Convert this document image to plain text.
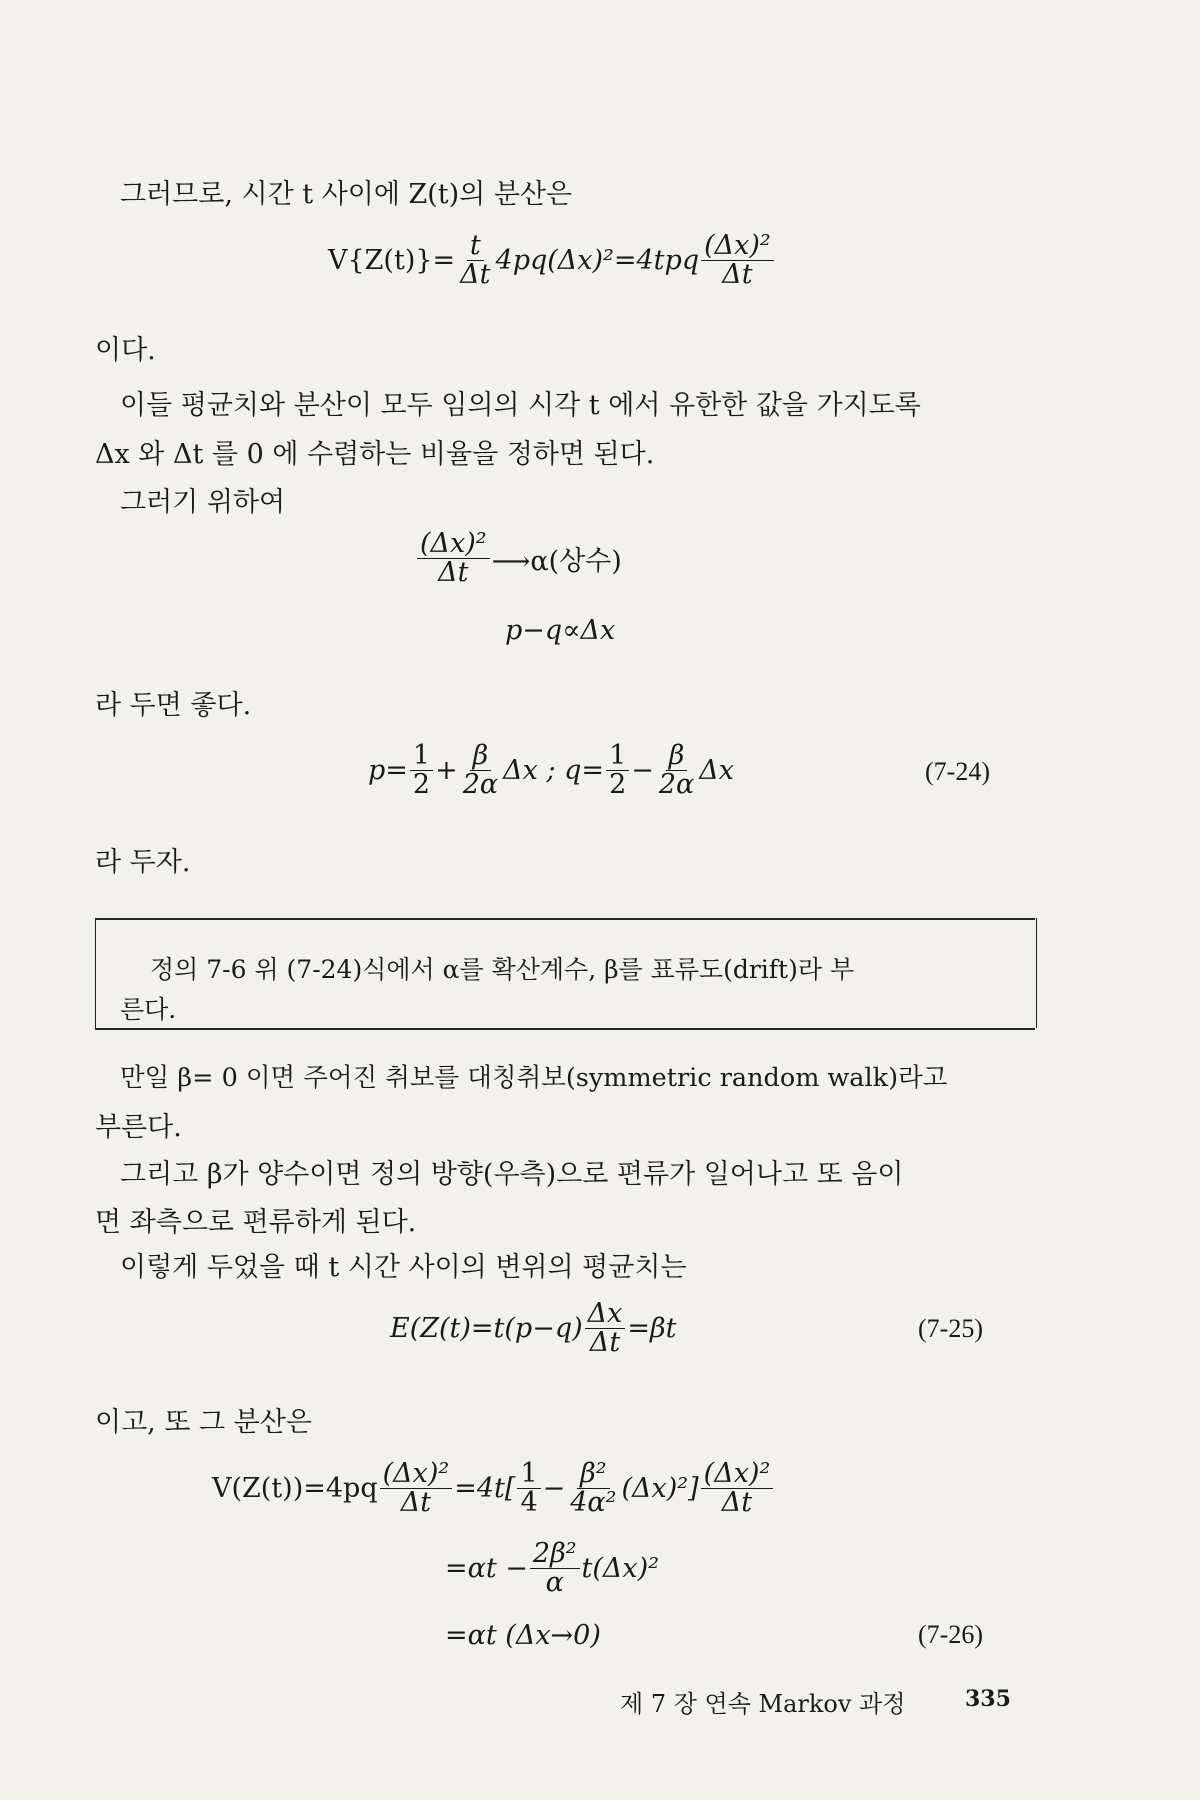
그러므로, 시간 t 사이에 Z(t)의 분산은
$V\{Z(t)\}= \frac{t}{\Delta t} 4pq(\Delta x)^2=4tpq \frac{\text{(Δx)²}}{\Delta t}$
이다.
이들 평균치와 분산이 모두 임의의 시각 t 에서 유한한 값을 가지도록
Δx 와 Δt 를 0 에 수렴하는 비율을 정하면 된다.
그러기 위하여
$\frac{\text{(Δx)²}}{\Delta t}$ ⟶α(상수)
p−q∝Δx
라 두면 좋다.
$p= \frac{1}{2} + \frac{\beta}{2\alpha}$ Δx ; $q= \frac{1}{2} - \frac{\beta}{2\alpha}$ Δx	(7-24)
라 두자.
정의 7-6 위 (7-24)식에서 α를 확산계수, β를 표류도(drift)라 부
른다.
만일 β= 0 이면 주어진 취보를 대칭취보(symmetric random walk)라고
부른다.
그리고 β가 양수이면 정의 방향(우측)으로 편류가 일어나고 또 음이
면 좌측으로 편류하게 된다.
이렇게 두었을 때 t 시간 사이의 변위의 평균치는
$E(Z(t)=t(p-q) \frac{\Delta x}{\Delta t} =\beta t$	(7-25)
이고, 또 그 분산은
$V(Z(t))=4pq \frac{\text{(Δx)²}}{\Delta t} =4t[ \frac{1}{4} - \frac{\text{β²}}{\text{4α²}} (\Delta x)^2] \frac{\text{(Δx)²}}{\Delta t}$
$=\alpha t - \frac{\text{2β²}}{\alpha} t(\Delta x)^2$
=αt (Δx→0)	(7-26)
제 7 장 연속 Markov 과정	335
